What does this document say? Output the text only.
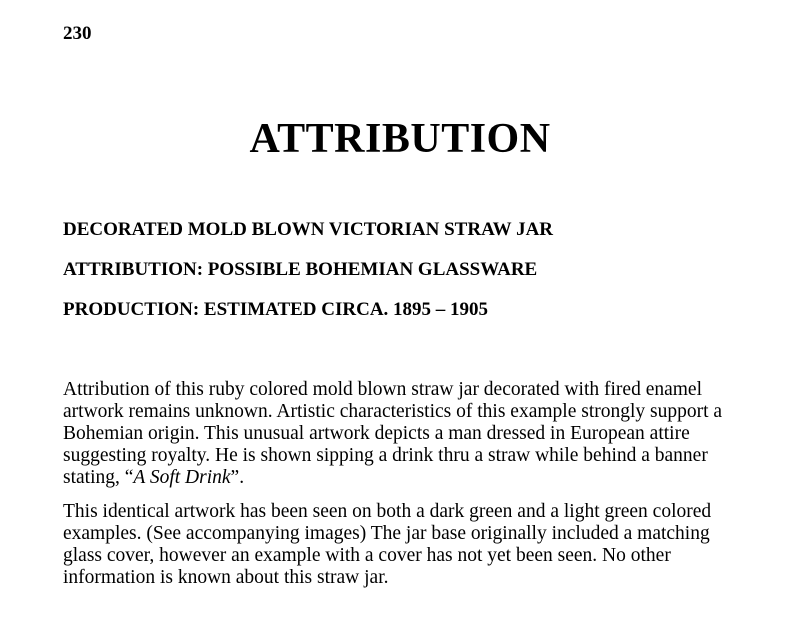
230
ATTRIBUTION
DECORATED MOLD BLOWN VICTORIAN STRAW JAR
ATTRIBUTION: POSSIBLE BOHEMIAN GLASSWARE
PRODUCTION: ESTIMATED CIRCA. 1895 – 1905

Attribution of this ruby colored mold blown straw jar decorated with fired enamel artwork remains unknown. Artistic characteristics of this example strongly support a Bohemian origin. This unusual artwork depicts a man dressed in European attire suggesting royalty. He is shown sipping a drink thru a straw while behind a banner stating, “A Soft Drink”.

This identical artwork has been seen on both a dark green and a light green colored examples. (See accompanying images) The jar base originally included a matching glass cover, however an example with a cover has not yet been seen. No other information is known about this straw jar.
